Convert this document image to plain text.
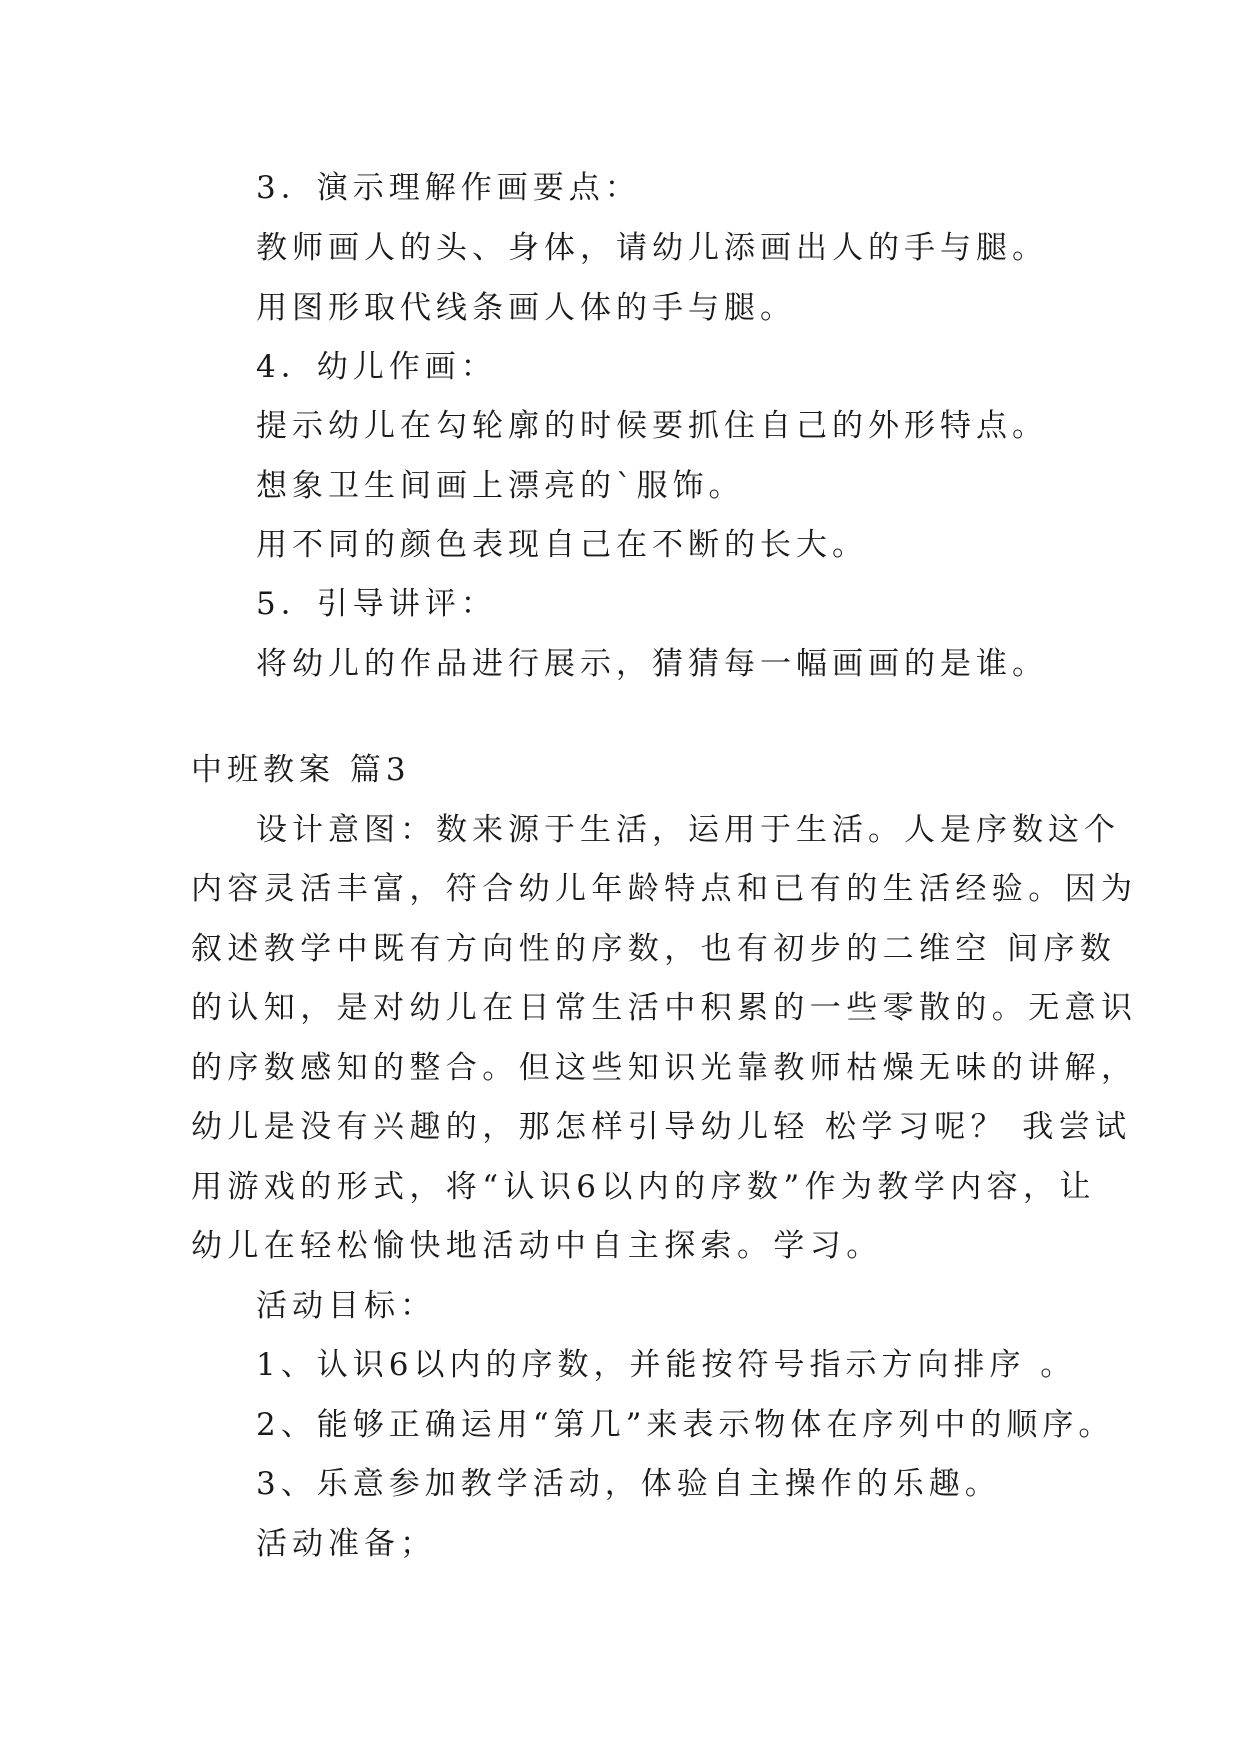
3．演示理解作画要点：
教师画人的头、身体，请幼儿添画出人的手与腿。
用图形取代线条画人体的手与腿。
4．幼儿作画：
提示幼儿在勾轮廓的时候要抓住自己的外形特点。
想象卫生间画上漂亮的`服饰。
用不同的颜色表现自己在不断的长大。
5．引导讲评：
将幼儿的作品进行展示，猜猜每一幅画画的是谁。
中班教案 篇3
设计意图：数来源于生活，运用于生活。人是序数这个
内容灵活丰富，符合幼儿年龄特点和已有的生活经验。因为
叙述教学中既有方向性的序数，也有初步的二维空 间序数
的认知，是对幼儿在日常生活中积累的一些零散的。无意识
的序数感知的整合。但这些知识光靠教师枯燥无味的讲解，
幼儿是没有兴趣的，那怎样引导幼儿轻 松学习呢？ 我尝试
用游戏的形式，将“认识6以内的序数”作为教学内容，让
幼儿在轻松愉快地活动中自主探索。学习。
活动目标：
1、认识6以内的序数，并能按符号指示方向排序 。
2、能够正确运用“第几”来表示物体在序列中的顺序。
3、乐意参加教学活动，体验自主操作的乐趣。
活动准备；
